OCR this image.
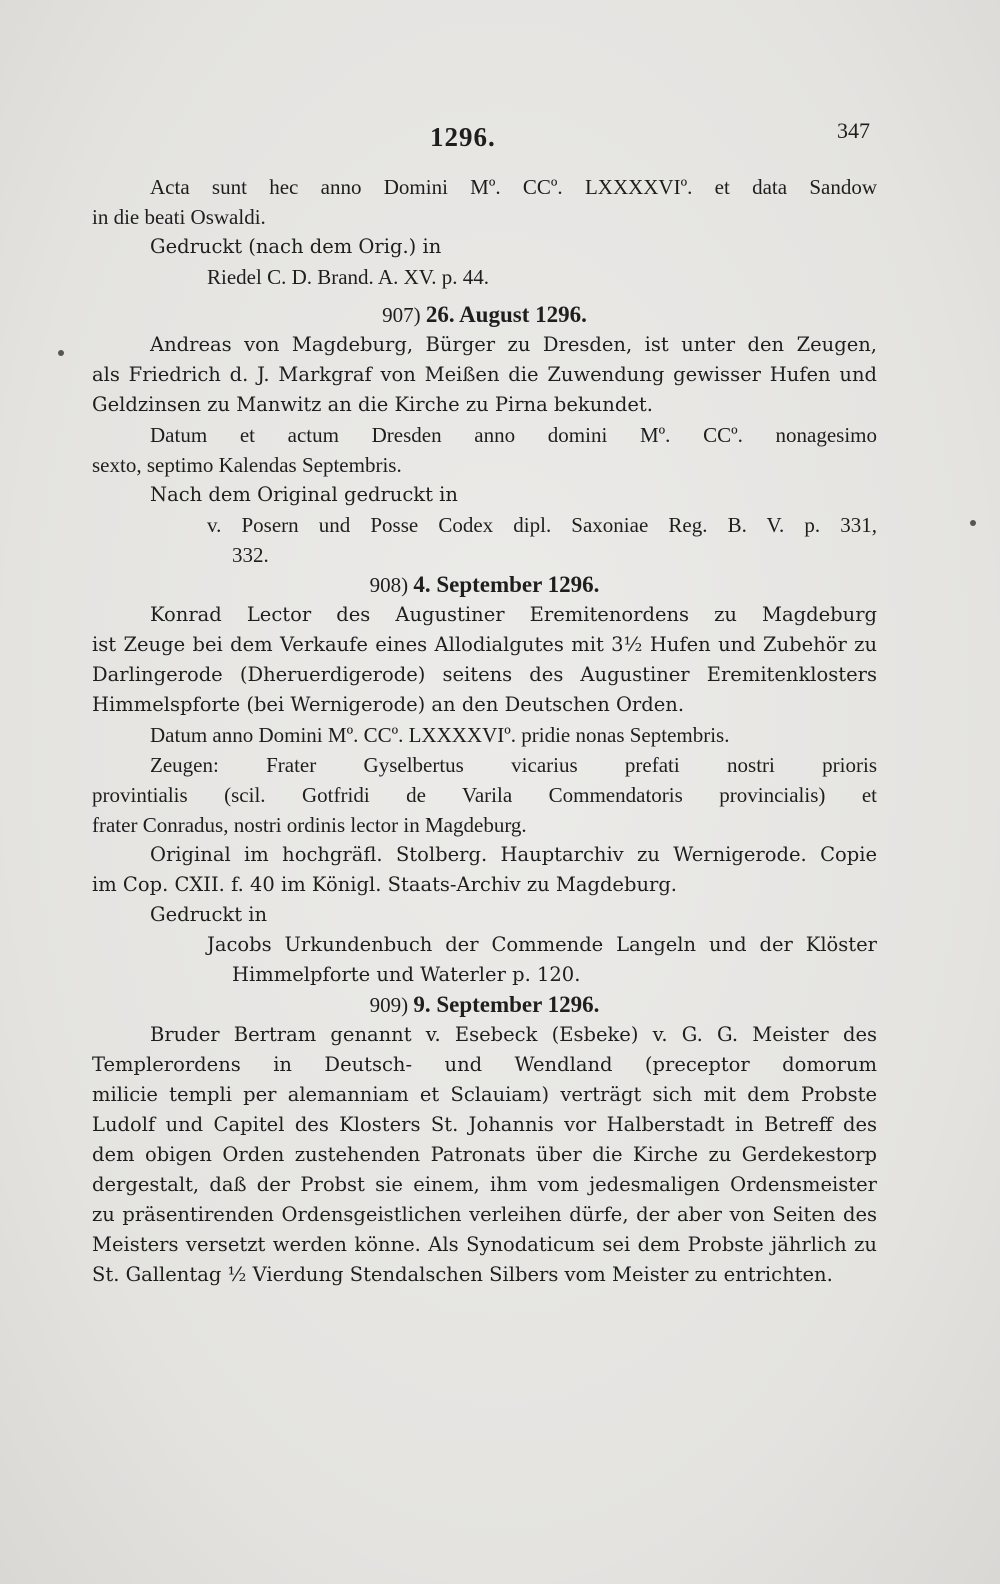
1296.	347
Acta sunt hec anno Domini Mº. CCº. LXXXXVIº. et data Sandow
in die beati Oswaldi.
Gedruckt (nach dem Orig.) in
Riedel C. D. Brand. A. XV. p. 44.
907) 26. August 1296.
Andreas von Magdeburg, Bürger zu Dresden, ist unter den Zeugen,
als Friedrich d. J. Markgraf von Meißen die Zuwendung gewisser Hufen und
Geldzinsen zu Manwitz an die Kirche zu Pirna bekundet.
Datum et actum Dresden anno domini Mº. CCº. nonagesimo
sexto, septimo Kalendas Septembris.
Nach dem Original gedruckt in
v. Posern und Posse Codex dipl. Saxoniae Reg. B. V. p. 331,
332.
908) 4. September 1296.
Konrad Lector des Augustiner Eremitenordens zu Magdeburg
ist Zeuge bei dem Verkaufe eines Allodialgutes mit 3½ Hufen und Zubehör zu
Darlingerode (Dheruerdigerode) seitens des Augustiner Eremitenklosters
Himmelspforte (bei Wernigerode) an den Deutschen Orden.
Datum anno Domini Mº. CCº. LXXXXVIº. pridie nonas Septembris.
Zeugen: Frater Gyselbertus vicarius prefati nostri prioris
provintialis (scil. Gotfridi de Varila Commendatoris provincialis) et
frater Conradus, nostri ordinis lector in Magdeburg.
Original im hochgräfl. Stolberg. Hauptarchiv zu Wernigerode. Copie
im Cop. CXII. f. 40 im Königl. Staats-Archiv zu Magdeburg.
Gedruckt in
Jacobs Urkundenbuch der Commende Langeln und der Klöster
Himmelpforte und Waterler p. 120.
909) 9. September 1296.
Bruder Bertram genannt v. Esebeck (Esbeke) v. G. G. Meister des
Templerordens in Deutsch- und Wendland (preceptor domorum
milicie templi per alemanniam et Sclauiam) verträgt sich mit dem Probste
Ludolf und Capitel des Klosters St. Johannis vor Halberstadt in Betreff des
dem obigen Orden zustehenden Patronats über die Kirche zu Gerdekestorp
dergestalt, daß der Probst sie einem, ihm vom jedesmaligen Ordensmeister
zu präsentirenden Ordensgeistlichen verleihen dürfe, der aber von Seiten des
Meisters versetzt werden könne. Als Synodaticum sei dem Probste jährlich zu
St. Gallentag ½ Vierdung Stendalschen Silbers vom Meister zu entrichten.
